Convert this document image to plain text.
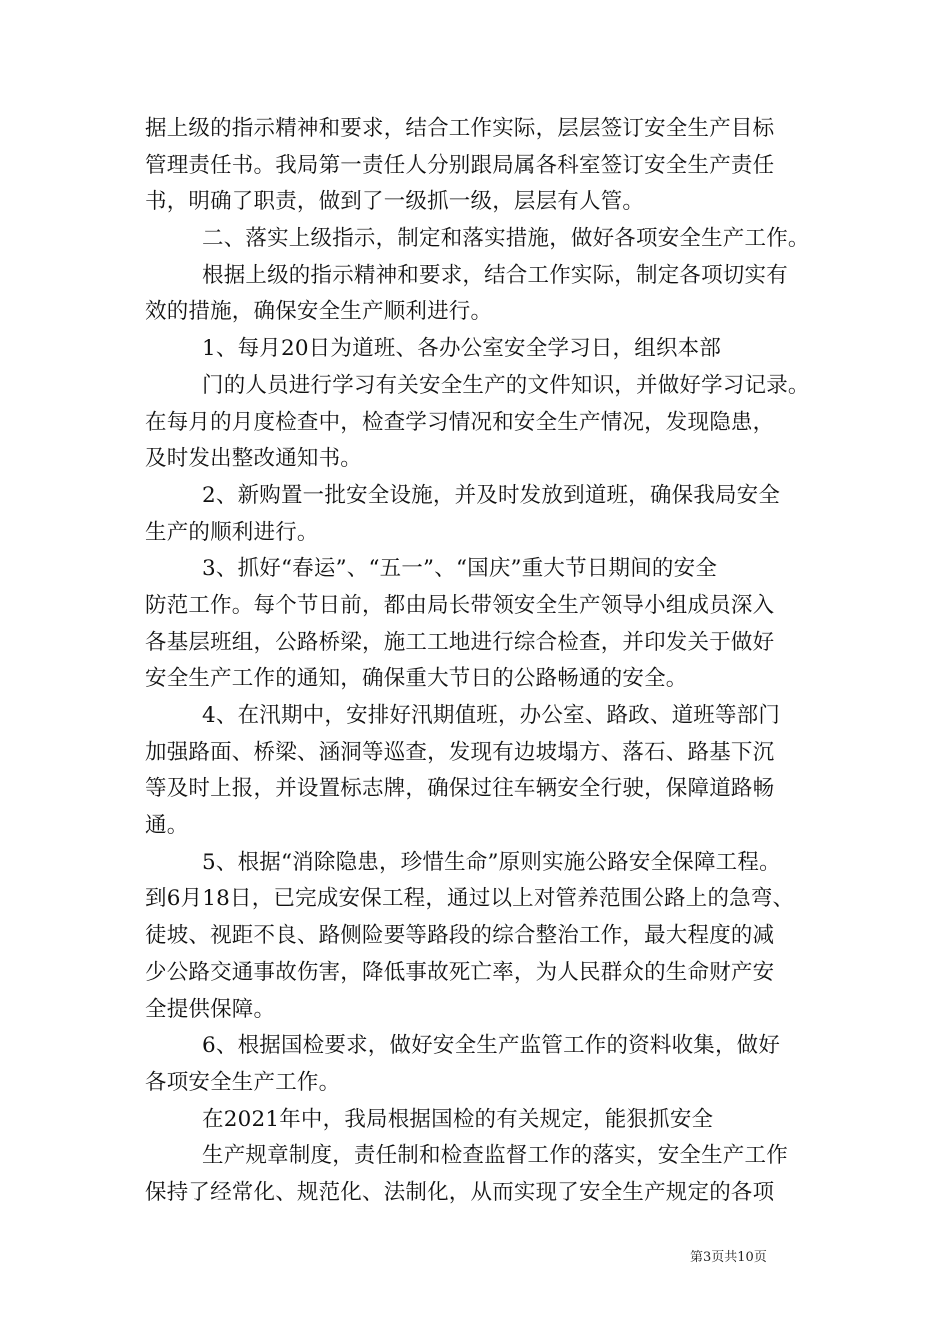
据上级的指示精神和要求，结合工作实际，层层签订安全生产目标
管理责任书。我局第一责任人分别跟局属各科室签订安全生产责任
书，明确了职责，做到了一级抓一级，层层有人管。
二、落实上级指示，制定和落实措施，做好各项安全生产工作。
根据上级的指示精神和要求，结合工作实际，制定各项切实有
效的措施，确保安全生产顺利进行。
1、每月20日为道班、各办公室安全学习日，组织本部
门的人员进行学习有关安全生产的文件知识，并做好学习记录。
在每月的月度检查中，检查学习情况和安全生产情况，发现隐患，
及时发出整改通知书。
2、新购置一批安全设施，并及时发放到道班，确保我局安全
生产的顺利进行。
3、抓好“春运”、“五一”、“国庆”重大节日期间的安全
防范工作。每个节日前，都由局长带领安全生产领导小组成员深入
各基层班组，公路桥梁，施工工地进行综合检查，并印发关于做好
安全生产工作的通知，确保重大节日的公路畅通的安全。
4、在汛期中，安排好汛期值班，办公室、路政、道班等部门
加强路面、桥梁、涵洞等巡查，发现有边坡塌方、落石、路基下沉
等及时上报，并设置标志牌，确保过往车辆安全行驶，保障道路畅
通。
5、根据“消除隐患，珍惜生命”原则实施公路安全保障工程。
到6月18日，已完成安保工程，通过以上对管养范围公路上的急弯、
徒坡、视距不良、路侧险要等路段的综合整治工作，最大程度的减
少公路交通事故伤害，降低事故死亡率，为人民群众的生命财产安
全提供保障。
6、根据国检要求，做好安全生产监管工作的资料收集，做好
各项安全生产工作。
在2021年中，我局根据国检的有关规定，能狠抓安全
生产规章制度，责任制和检查监督工作的落实，安全生产工作
保持了经常化、规范化、法制化，从而实现了安全生产规定的各项
第3页共10页
